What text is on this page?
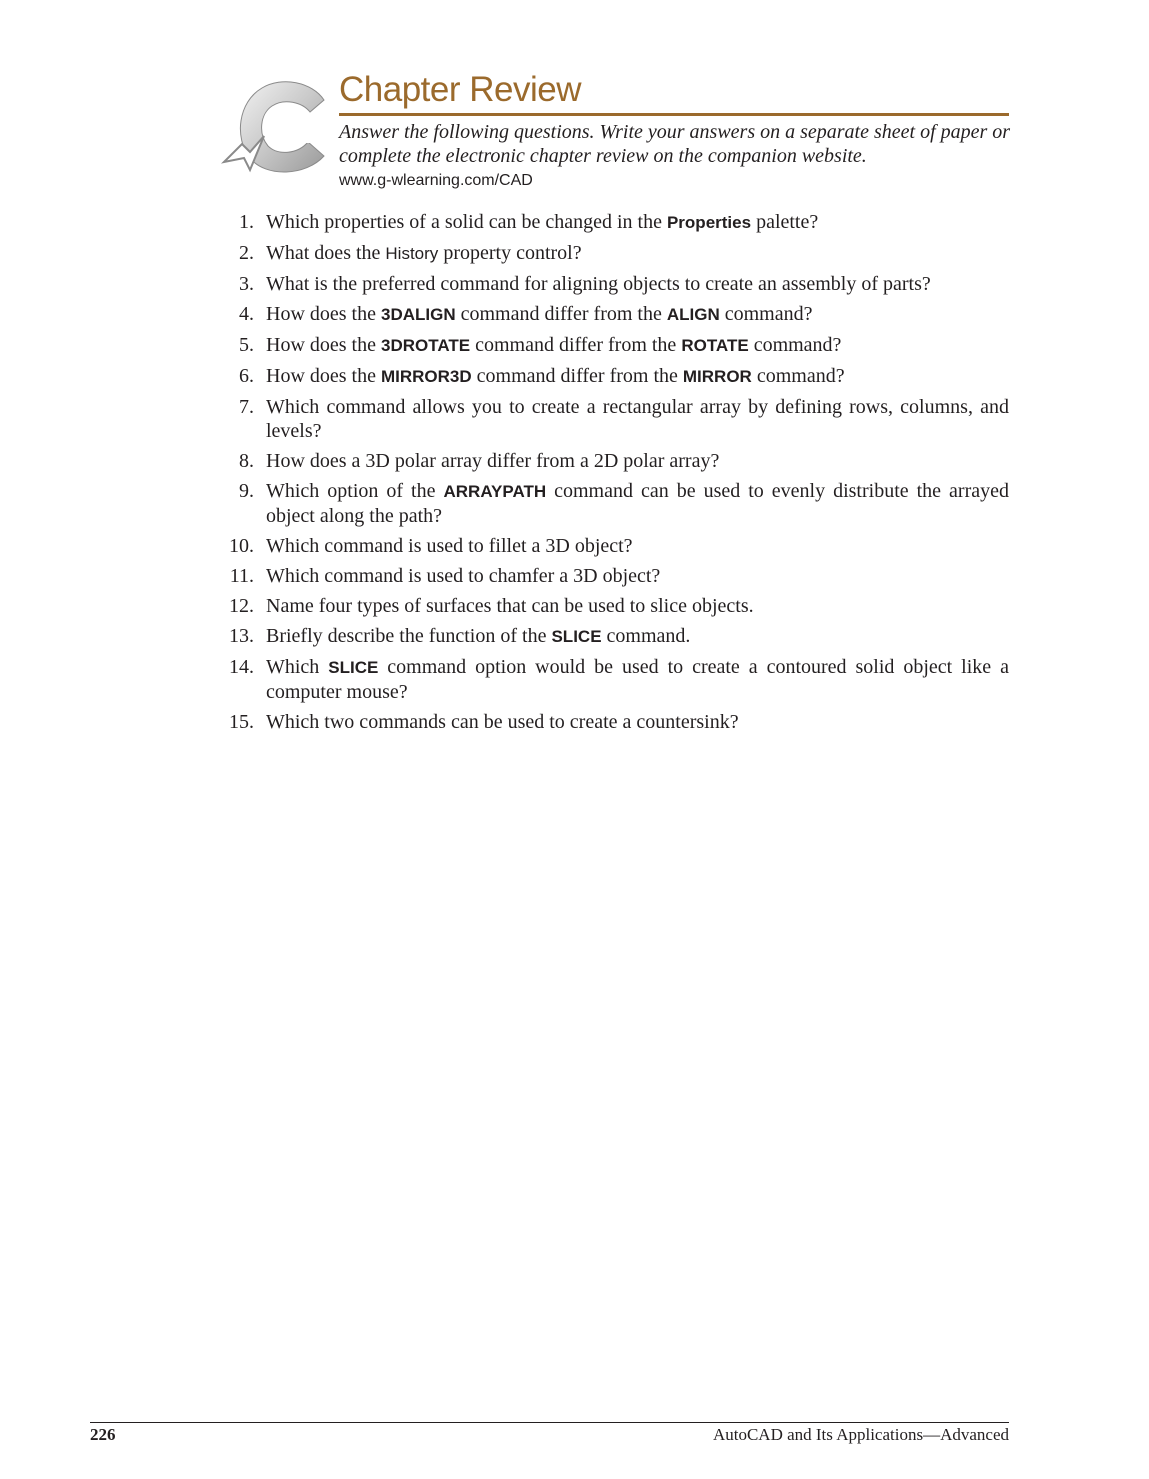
Chapter Review

Answer the following questions. Write your answers on a separate sheet of paper or complete the electronic chapter review on the companion website.

www.g-wlearning.com/CAD
1. Which properties of a solid can be changed in the Properties palette?
2. What does the History property control?
3. What is the preferred command for aligning objects to create an assembly of parts?
4. How does the 3DALIGN command differ from the ALIGN command?
5. How does the 3DROTATE command differ from the ROTATE command?
6. How does the MIRROR3D command differ from the MIRROR command?
7. Which command allows you to create a rectangular array by defining rows, columns, and levels?
8. How does a 3D polar array differ from a 2D polar array?
9. Which option of the ARRAYPATH command can be used to evenly distribute the arrayed object along the path?
10. Which command is used to fillet a 3D object?
11. Which command is used to chamfer a 3D object?
12. Name four types of surfaces that can be used to slice objects.
13. Briefly describe the function of the SLICE command.
14. Which SLICE command option would be used to create a contoured solid object like a computer mouse?
15. Which two commands can be used to create a countersink?
226	AutoCAD and Its Applications—Advanced
